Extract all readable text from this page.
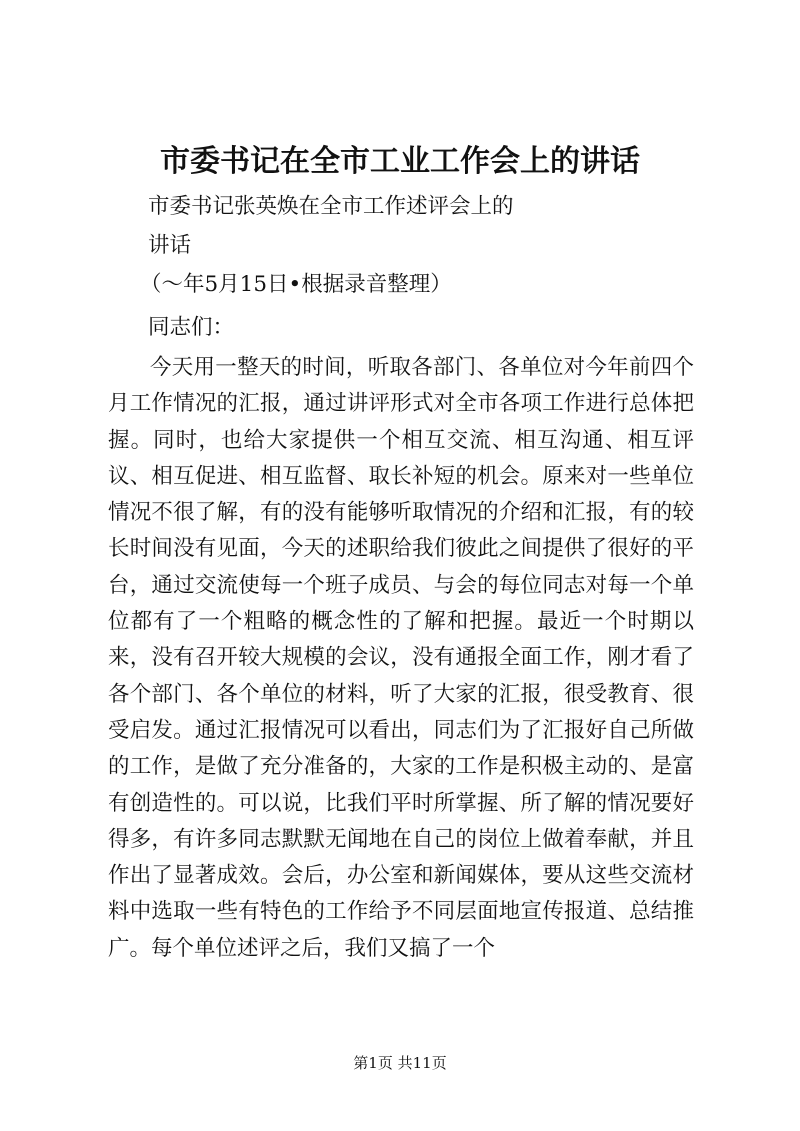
市委书记在全市工业工作会上的讲话
市委书记张英焕在全市工作述评会上的
讲话
（～年5月15日•根据录音整理）
同志们：

今天用一整天的时间，听取各部门、各单位对今年前四个月工作情况的汇报，通过讲评形式对全市各项工作进行总体把握。同时，也给大家提供一个相互交流、相互沟通、相互评议、相互促进、相互监督、取长补短的机会。原来对一些单位情况不很了解，有的没有能够听取情况的介绍和汇报，有的较长时间没有见面，今天的述职给我们彼此之间提供了很好的平台，通过交流使每一个班子成员、与会的每位同志对每一个单位都有了一个粗略的概念性的了解和把握。最近一个时期以来，没有召开较大规模的会议，没有通报全面工作，刚才看了各个部门、各个单位的材料，听了大家的汇报，很受教育、很受启发。通过汇报情况可以看出，同志们为了汇报好自己所做的工作，是做了充分准备的，大家的工作是积极主动的、是富有创造性的。可以说，比我们平时所掌握、所了解的情况要好得多，有许多同志默默无闻地在自己的岗位上做着奉献，并且作出了显著成效。会后，办公室和新闻媒体，要从这些交流材料中选取一些有特色的工作给予不同层面地宣传报道、总结推广。每个单位述评之后，我们又搞了一个

第1页 共11页
